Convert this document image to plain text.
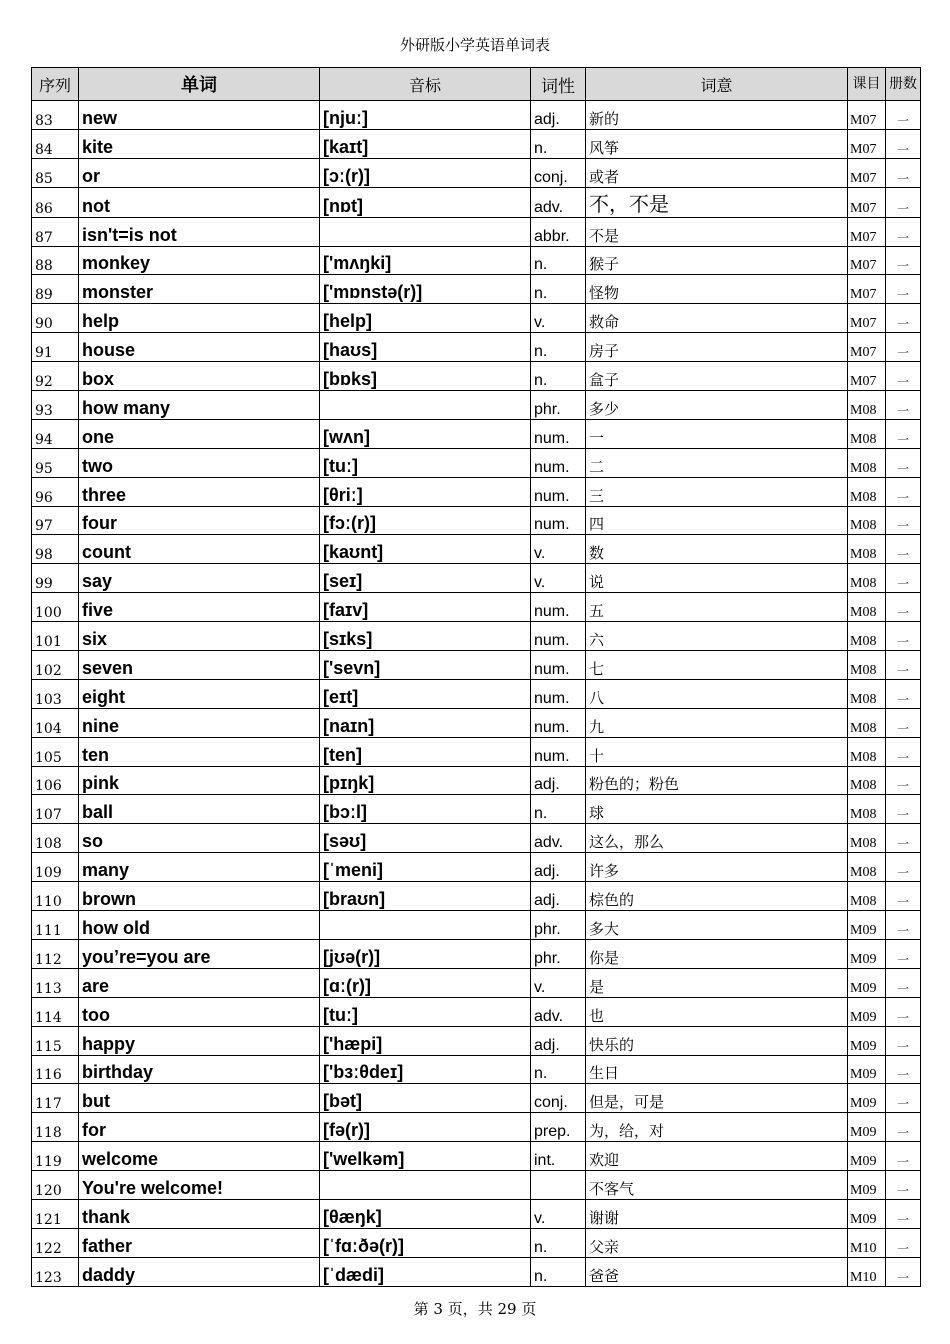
外研版小学英语单词表
序列	单词	音标	词性	词意	课目	册数
83	new	[njuː]	adj.	新的	M07	一
84	kite	[kaɪt]	n.	风筝	M07	一
85	or	[ɔː(r)]	conj.	或者	M07	一
86	not	[nɒt]	adv.	不，不是	M07	一
87	isn't=is not		abbr.	不是	M07	一
88	monkey	['mʌŋki]	n.	猴子	M07	一
89	monster	['mɒnstə(r)]	n.	怪物	M07	一
90	help	[help]	v.	救命	M07	一
91	house	[haʊs]	n.	房子	M07	一
92	box	[bɒks]	n.	盒子	M07	一
93	how many		phr.	多少	M08	一
94	one	[wʌn]	num.	一	M08	一
95	two	[tuː]	num.	二	M08	一
96	three	[θriː]	num.	三	M08	一
97	four	[fɔː(r)]	num.	四	M08	一
98	count	[kaʊnt]	v.	数	M08	一
99	say	[seɪ]	v.	说	M08	一
100	five	[faɪv]	num.	五	M08	一
101	six	[sɪks]	num.	六	M08	一
102	seven	['sevn]	num.	七	M08	一
103	eight	[eɪt]	num.	八	M08	一
104	nine	[naɪn]	num.	九	M08	一
105	ten	[ten]	num.	十	M08	一
106	pink	[pɪŋk]	adj.	粉色的；粉色	M08	一
107	ball	[bɔːl]	n.	球	M08	一
108	so	[səʊ]	adv.	这么，那么	M08	一
109	many	[ˈmeni]	adj.	许多	M08	一
110	brown	[braʊn]	adj.	棕色的	M08	一
111	how old		phr.	多大	M09	一
112	you’re=you are	[jʊə(r)]	phr.	你是	M09	一
113	are	[ɑː(r)]	v.	是	M09	一
114	too	[tuː]	adv.	也	M09	一
115	happy	['hæpi]	adj.	快乐的	M09	一
116	birthday	['bɜːθdeɪ]	n.	生日	M09	一
117	but	[bət]	conj.	但是，可是	M09	一
118	for	[fə(r)]	prep.	为，给，对	M09	一
119	welcome	['welkəm]	int.	欢迎	M09	一
120	You're welcome!			不客气	M09	一
121	thank	[θæŋk]	v.	谢谢	M09	一
122	father	[ˈfɑːðə(r)]	n.	父亲	M10	一
123	daddy	[ˈdædi]	n.	爸爸	M10	一
第 3 页，共 29 页
